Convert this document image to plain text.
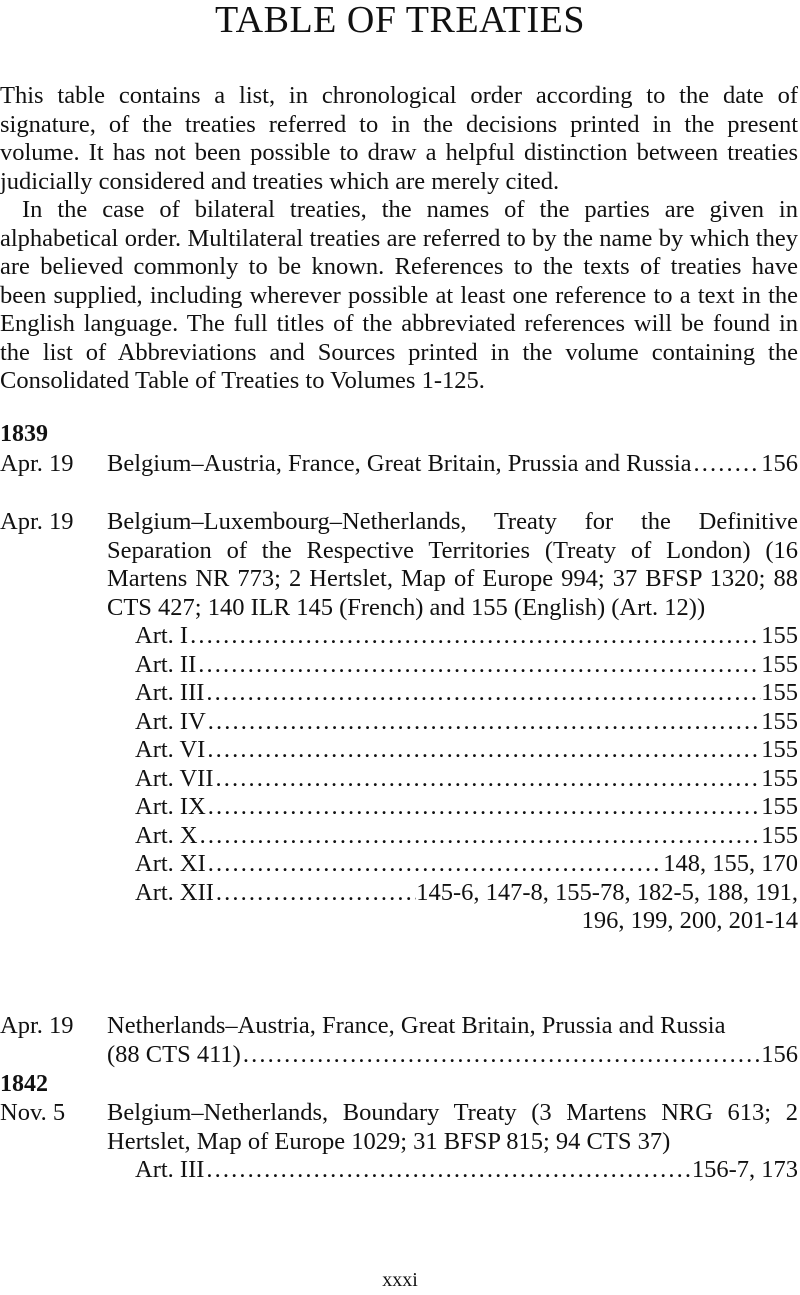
TABLE OF TREATIES

This table contains a list, in chronological order according to the date of signature, of the treaties referred to in the decisions printed in the present volume. It has not been possible to draw a helpful distinction between treaties judicially considered and treaties which are merely cited.

In the case of bilateral treaties, the names of the parties are given in alphabetical order. Multilateral treaties are referred to by the name by which they are believed commonly to be known. References to the texts of treaties have been supplied, including wherever possible at least one reference to a text in the English language. The full titles of the abbreviated references will be found in the list of Abbreviations and Sources printed in the volume containing the Consolidated Table of Treaties to Volumes 1-125.

1839
Apr. 19 Belgium–Austria, France, Great Britain, Prussia and Russia . . .	156
Apr. 19 Belgium–Luxembourg–Netherlands, Treaty for the Definitive Separation of the Respective Territories (Treaty of London) (16 Martens NR 773; 2 Hertslet, Map of Europe 994; 37 BFSP 1320; 88 CTS 427; 140 ILR 145 (French) and 155 (English) (Art. 12))
Art. I . . .	155
Art. II . . .	155
Art. III . . .	155
Art. IV . . .	155
Art. VI . . .	155
Art. VII . . .	155
Art. IX . . .	155
Art. X . . .	155
Art. XI . . .	148, 155, 170
Art. XII . . .	145-6, 147-8, 155-78, 182-5, 188, 191,
196, 199, 200, 201-14
Apr. 19 Netherlands–Austria, France, Great Britain, Prussia and Russia
(88 CTS 411) . . .	156
1842
Nov. 5 Belgium–Netherlands, Boundary Treaty (3 Martens NRG 613; 2 Hertslet, Map of Europe 1029; 31 BFSP 815; 94 CTS 37)
Art. III . . .	156-7, 173
xxxi
